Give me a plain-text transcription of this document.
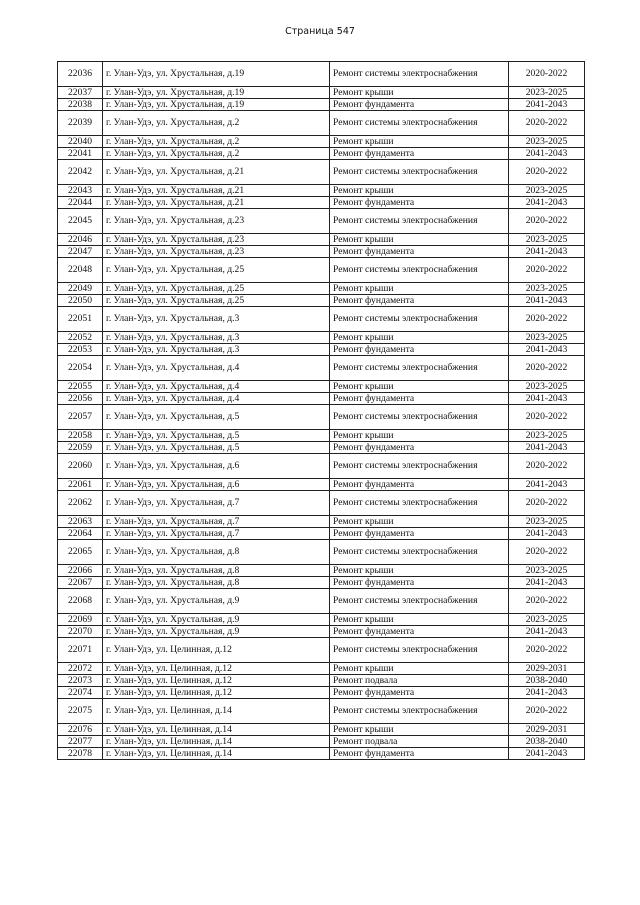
Страница 547
22036	г. Улан-Удэ, ул. Хрустальная, д.19	Ремонт системы электроснабжения	2020-2022
22037	г. Улан-Удэ, ул. Хрустальная, д.19	Ремонт крыши	2023-2025
22038	г. Улан-Удэ, ул. Хрустальная, д.19	Ремонт фундамента	2041-2043
22039	г. Улан-Удэ, ул. Хрустальная, д.2	Ремонт системы электроснабжения	2020-2022
22040	г. Улан-Удэ, ул. Хрустальная, д.2	Ремонт крыши	2023-2025
22041	г. Улан-Удэ, ул. Хрустальная, д.2	Ремонт фундамента	2041-2043
22042	г. Улан-Удэ, ул. Хрустальная, д.21	Ремонт системы электроснабжения	2020-2022
22043	г. Улан-Удэ, ул. Хрустальная, д.21	Ремонт крыши	2023-2025
22044	г. Улан-Удэ, ул. Хрустальная, д.21	Ремонт фундамента	2041-2043
22045	г. Улан-Удэ, ул. Хрустальная, д.23	Ремонт системы электроснабжения	2020-2022
22046	г. Улан-Удэ, ул. Хрустальная, д.23	Ремонт крыши	2023-2025
22047	г. Улан-Удэ, ул. Хрустальная, д.23	Ремонт фундамента	2041-2043
22048	г. Улан-Удэ, ул. Хрустальная, д.25	Ремонт системы электроснабжения	2020-2022
22049	г. Улан-Удэ, ул. Хрустальная, д.25	Ремонт крыши	2023-2025
22050	г. Улан-Удэ, ул. Хрустальная, д.25	Ремонт фундамента	2041-2043
22051	г. Улан-Удэ, ул. Хрустальная, д.3	Ремонт системы электроснабжения	2020-2022
22052	г. Улан-Удэ, ул. Хрустальная, д.3	Ремонт крыши	2023-2025
22053	г. Улан-Удэ, ул. Хрустальная, д.3	Ремонт фундамента	2041-2043
22054	г. Улан-Удэ, ул. Хрустальная, д.4	Ремонт системы электроснабжения	2020-2022
22055	г. Улан-Удэ, ул. Хрустальная, д.4	Ремонт крыши	2023-2025
22056	г. Улан-Удэ, ул. Хрустальная, д.4	Ремонт фундамента	2041-2043
22057	г. Улан-Удэ, ул. Хрустальная, д.5	Ремонт системы электроснабжения	2020-2022
22058	г. Улан-Удэ, ул. Хрустальная, д.5	Ремонт крыши	2023-2025
22059	г. Улан-Удэ, ул. Хрустальная, д.5	Ремонт фундамента	2041-2043
22060	г. Улан-Удэ, ул. Хрустальная, д.6	Ремонт системы электроснабжения	2020-2022
22061	г. Улан-Удэ, ул. Хрустальная, д.6	Ремонт фундамента	2041-2043
22062	г. Улан-Удэ, ул. Хрустальная, д.7	Ремонт системы электроснабжения	2020-2022
22063	г. Улан-Удэ, ул. Хрустальная, д.7	Ремонт крыши	2023-2025
22064	г. Улан-Удэ, ул. Хрустальная, д.7	Ремонт фундамента	2041-2043
22065	г. Улан-Удэ, ул. Хрустальная, д.8	Ремонт системы электроснабжения	2020-2022
22066	г. Улан-Удэ, ул. Хрустальная, д.8	Ремонт крыши	2023-2025
22067	г. Улан-Удэ, ул. Хрустальная, д.8	Ремонт фундамента	2041-2043
22068	г. Улан-Удэ, ул. Хрустальная, д.9	Ремонт системы электроснабжения	2020-2022
22069	г. Улан-Удэ, ул. Хрустальная, д.9	Ремонт крыши	2023-2025
22070	г. Улан-Удэ, ул. Хрустальная, д.9	Ремонт фундамента	2041-2043
22071	г. Улан-Удэ, ул. Целинная, д.12	Ремонт системы электроснабжения	2020-2022
22072	г. Улан-Удэ, ул. Целинная, д.12	Ремонт крыши	2029-2031
22073	г. Улан-Удэ, ул. Целинная, д.12	Ремонт подвала	2038-2040
22074	г. Улан-Удэ, ул. Целинная, д.12	Ремонт фундамента	2041-2043
22075	г. Улан-Удэ, ул. Целинная, д.14	Ремонт системы электроснабжения	2020-2022
22076	г. Улан-Удэ, ул. Целинная, д.14	Ремонт крыши	2029-2031
22077	г. Улан-Удэ, ул. Целинная, д.14	Ремонт подвала	2038-2040
22078	г. Улан-Удэ, ул. Целинная, д.14	Ремонт фундамента	2041-2043
